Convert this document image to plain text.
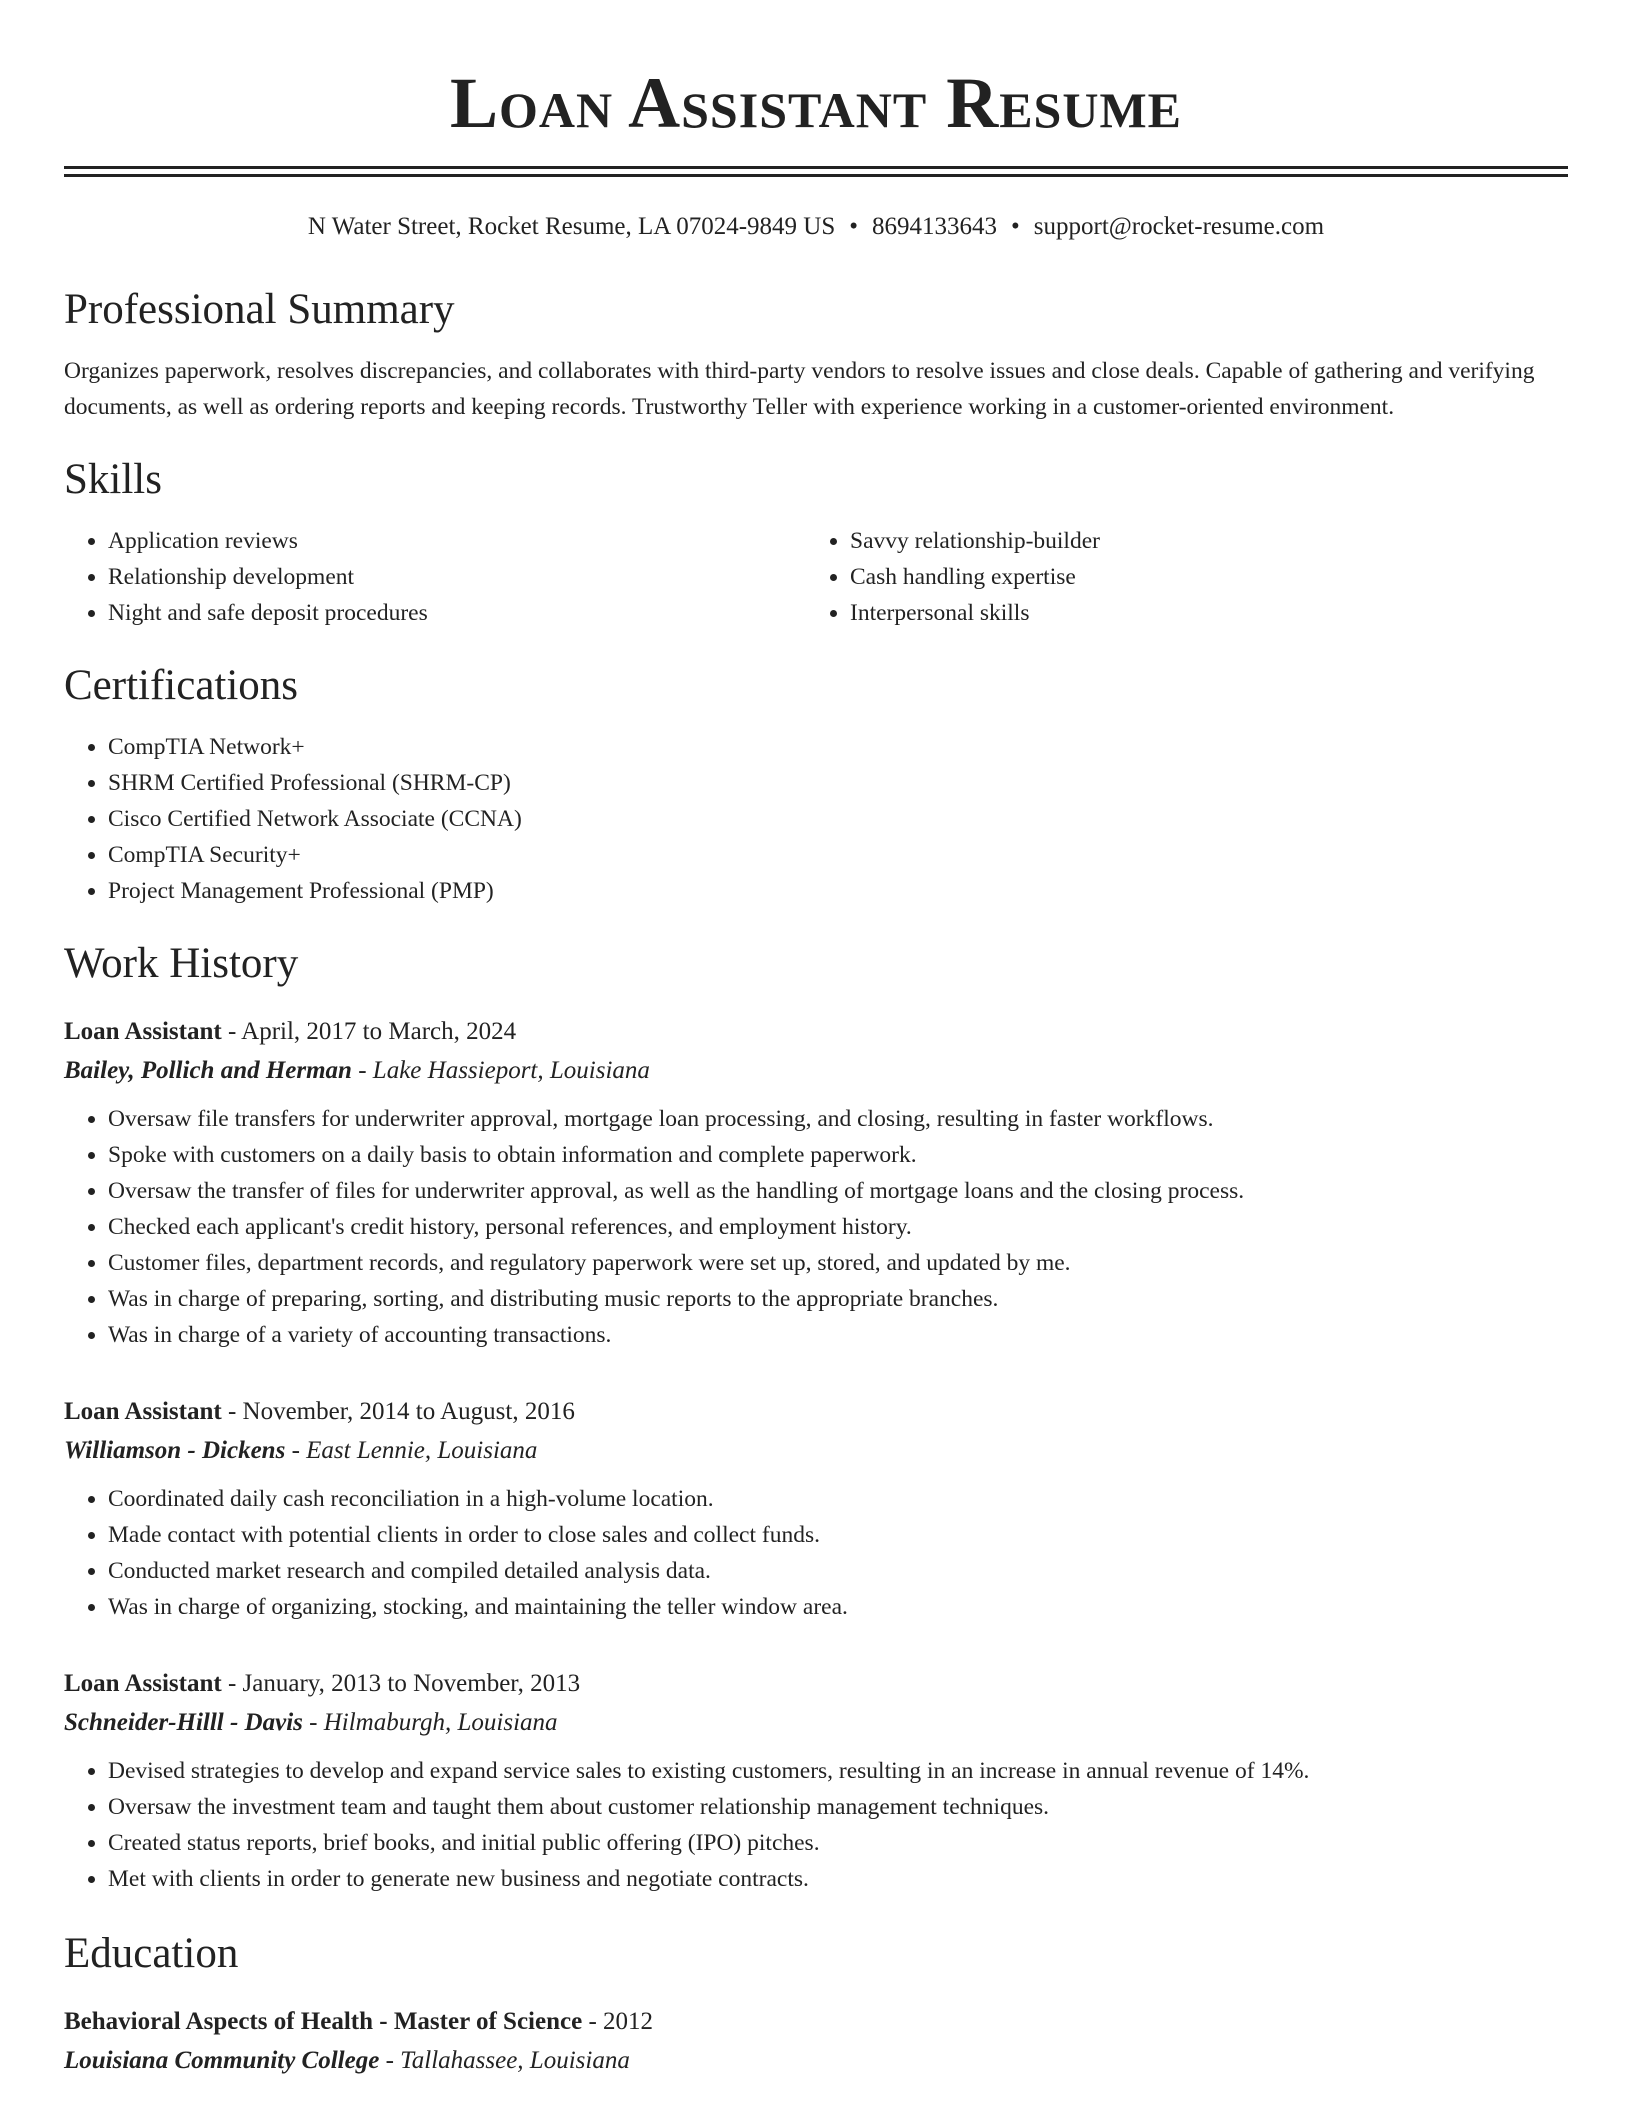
Loan Assistant Resume
N Water Street, Rocket Resume, LA 07024-9849 US • 8694133643 • support@rocket-resume.com
Professional Summary
Organizes paperwork, resolves discrepancies, and collaborates with third-party vendors to resolve issues and close deals. Capable of gathering and verifying documents, as well as ordering reports and keeping records. Trustworthy Teller with experience working in a customer-oriented environment.
Skills
• Application reviews
• Relationship development
• Night and safe deposit procedures
• Savvy relationship-builder
• Cash handling expertise
• Interpersonal skills
Certifications
• CompTIA Network+
• SHRM Certified Professional (SHRM-CP)
• Cisco Certified Network Associate (CCNA)
• CompTIA Security+
• Project Management Professional (PMP)
Work History
Loan Assistant - April, 2017 to March, 2024
Bailey, Pollich and Herman - Lake Hassieport, Louisiana
• Oversaw file transfers for underwriter approval, mortgage loan processing, and closing, resulting in faster workflows.
• Spoke with customers on a daily basis to obtain information and complete paperwork.
• Oversaw the transfer of files for underwriter approval, as well as the handling of mortgage loans and the closing process.
• Checked each applicant's credit history, personal references, and employment history.
• Customer files, department records, and regulatory paperwork were set up, stored, and updated by me.
• Was in charge of preparing, sorting, and distributing music reports to the appropriate branches.
• Was in charge of a variety of accounting transactions.
Loan Assistant - November, 2014 to August, 2016
Williamson - Dickens - East Lennie, Louisiana
• Coordinated daily cash reconciliation in a high-volume location.
• Made contact with potential clients in order to close sales and collect funds.
• Conducted market research and compiled detailed analysis data.
• Was in charge of organizing, stocking, and maintaining the teller window area.
Loan Assistant - January, 2013 to November, 2013
Schneider-Hilll - Davis - Hilmaburgh, Louisiana
• Devised strategies to develop and expand service sales to existing customers, resulting in an increase in annual revenue of 14%.
• Oversaw the investment team and taught them about customer relationship management techniques.
• Created status reports, brief books, and initial public offering (IPO) pitches.
• Met with clients in order to generate new business and negotiate contracts.
Education
Behavioral Aspects of Health - Master of Science - 2012
Louisiana Community College - Tallahassee, Louisiana
